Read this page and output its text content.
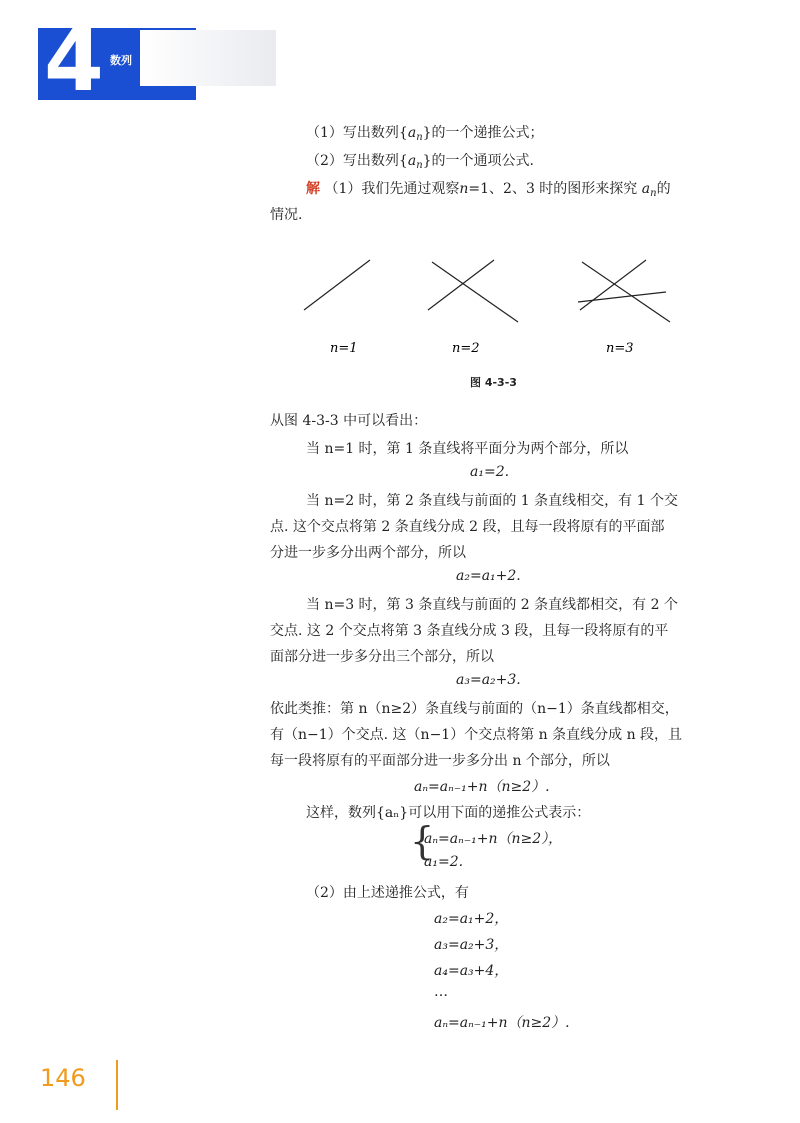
4 数列
（1）写出数列$\{a_n\}$的一个递推公式；
（2）写出数列$\{a_n\}$的一个通项公式.
解 （1）我们先通过观察n=1、2、3 时的图形来探究 $a_n$的
情况.
n=1	n=2	n=3
图 4-3-3
从图 4-3-3 中可以看出：
当 n=1 时，第 1 条直线将平面分为两个部分，所以
a₁=2.
当 n=2 时，第 2 条直线与前面的 1 条直线相交，有 1 个交
点. 这个交点将第 2 条直线分成 2 段，且每一段将原有的平面部
分进一步多分出两个部分，所以
a₂=a₁+2.
当 n=3 时，第 3 条直线与前面的 2 条直线都相交，有 2 个
交点. 这 2 个交点将第 3 条直线分成 3 段，且每一段将原有的平
面部分进一步多分出三个部分，所以
a₃=a₂+3.
依此类推：第 n（n≥2）条直线与前面的（n−1）条直线都相交，
有（n−1）个交点. 这（n−1）个交点将第 n 条直线分成 n 段，且
每一段将原有的平面部分进一步多分出 n 个部分，所以
aₙ=aₙ₋₁+n（n≥2）.
这样，数列{aₙ}可以用下面的递推公式表示：
{
aₙ=aₙ₋₁+n（n≥2），
a₁=2.
（2）由上述递推公式，有
a₂=a₁+2，
a₃=a₂+3，
a₄=a₃+4，
…
aₙ=aₙ₋₁+n（n≥2）.
146
